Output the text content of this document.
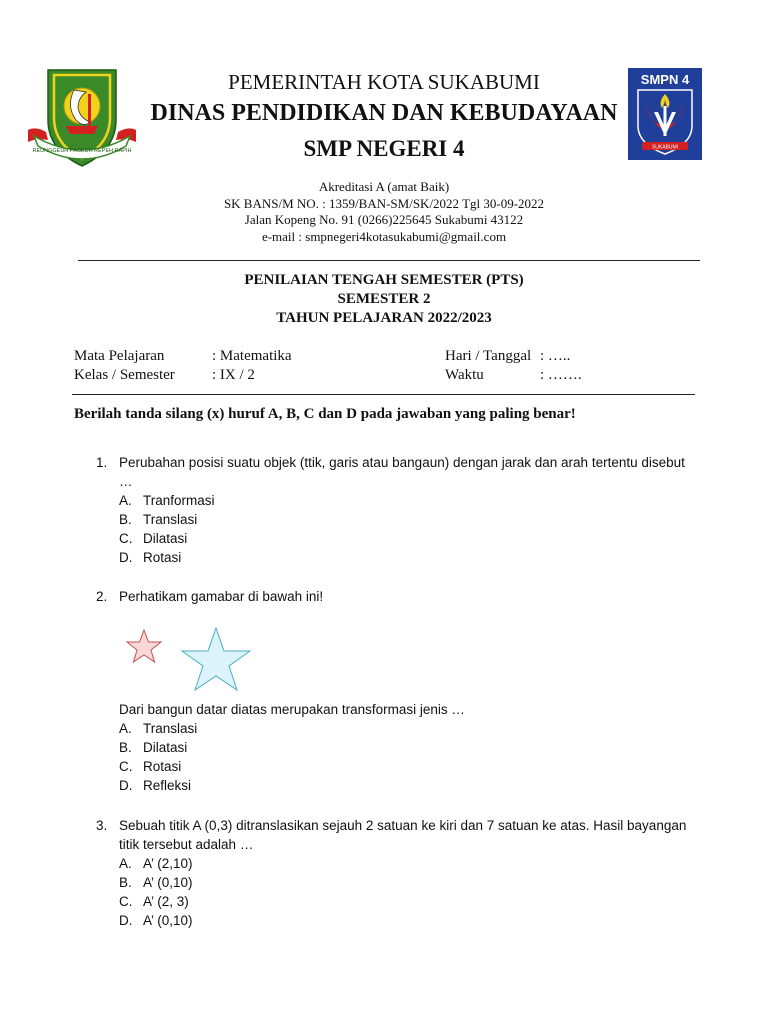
REUNGGEUH PAGEUH REPEH RAPIH
SMPN 4
SUKABUMI
PEMERINTAH KOTA SUKABUMI
DINAS PENDIDIKAN DAN KEBUDAYAAN
SMP NEGERI 4
Akreditasi A (amat Baik)
SK BANS/M NO. : 1359/BAN-SM/SK/2022 Tgl 30-09-2022
Jalan Kopeng No. 91 (0266)225645 Sukabumi 43122
e-mail : smpnegeri4kotasukabumi@gmail.com
PENILAIAN TENGAH SEMESTER (PTS)
SEMESTER 2
TAHUN PELAJARAN 2022/2023
Mata Pelajaran	: Matematika
Kelas / Semester : IX / 2
Hari / Tanggal : …..
Waktu	: …….
Berilah tanda silang (x) huruf A, B, C dan D pada jawaban yang paling benar!
1. Perubahan posisi suatu objek (ttik, garis atau bangaun) dengan jarak dan arah tertentu disebut …
A. Tranformasi
B. Translasi
C. Dilatasi
D. Rotasi
2. Perhatikam gamabar di bawah ini!
Dari bangun datar diatas merupakan transformasi jenis …
A. Translasi
B. Dilatasi
C. Rotasi
D. Refleksi
3. Sebuah titik A (0,3) ditranslasikan sejauh 2 satuan ke kiri dan 7 satuan ke atas. Hasil bayangan titik tersebut adalah …
A. A’ (2,10)
B. A’ (0,10)
C. A’ (2, 3)
D. A’ (0,10)
